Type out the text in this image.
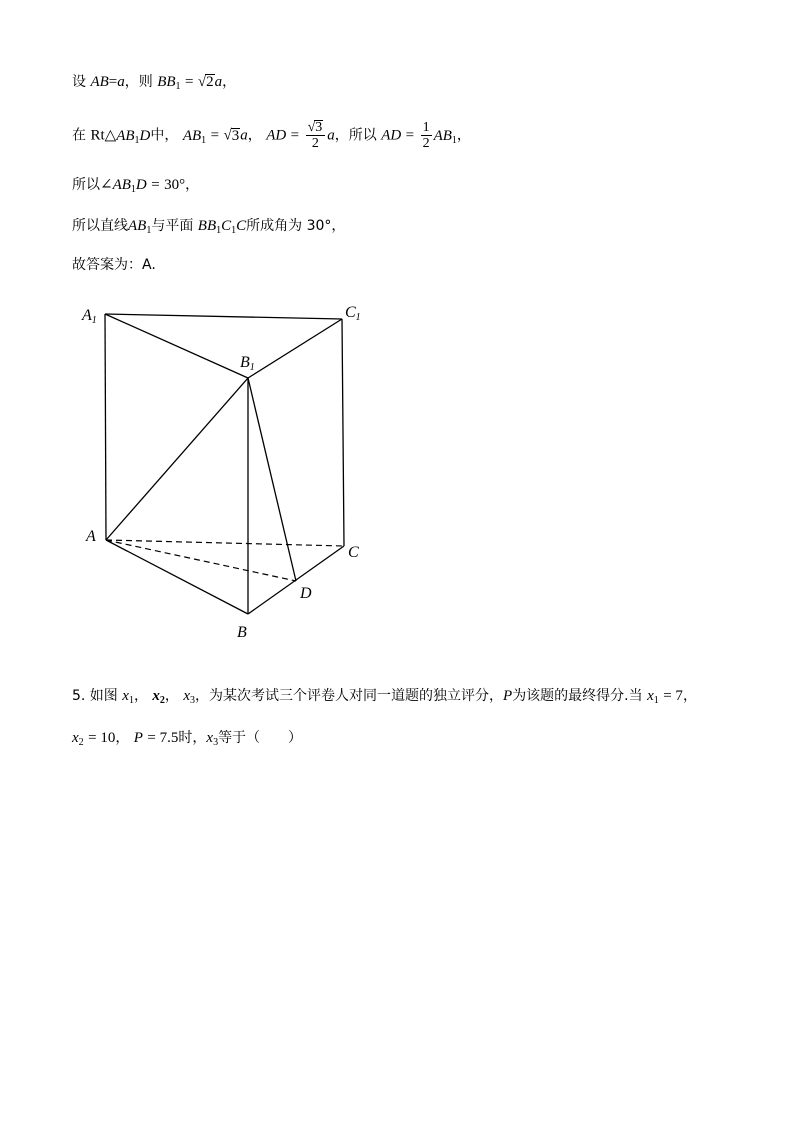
设 AB=a，则 $BB_1 = √2a$，
在 $Rt\triangle AB_1D$中， $AB_1 = √3a$， AD = $\frac{√3}{2}$ a，所以 AD = $\frac{1}{2} AB_1$，
所以$\angle AB_1D = 30^\circ$，
所以直线$AB_1$与平面 $BB_1C_1C$所成角为 30°，
故答案为：A.
A1	C1
B1
A
C
D
B
5. 如图 $x_1$， $x_2$， $x_3$，为某次考试三个评卷人对同一道题的独立评分，P为该题的最终得分.当 $x_1 = 7$，
$x_2 = 10$， P = 7.5时，$x_3$等于（　　）
